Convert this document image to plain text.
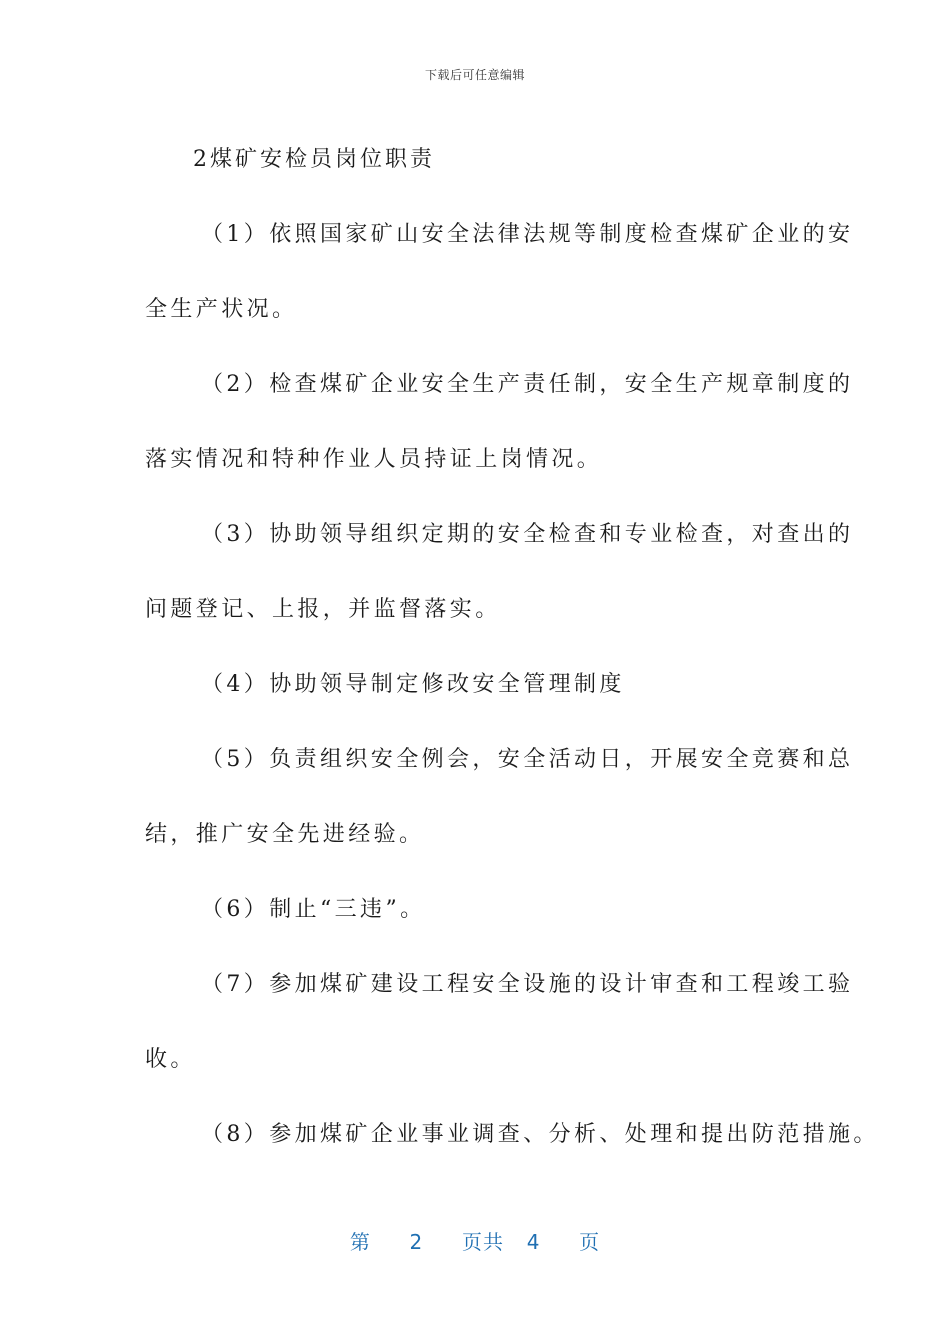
下载后可任意编辑
2煤矿安检员岗位职责
（1）依照国家矿山安全法律法规等制度检查煤矿企业的安
全生产状况。
（2）检查煤矿企业安全生产责任制，安全生产规章制度的
落实情况和特种作业人员持证上岗情况。
（3）协助领导组织定期的安全检查和专业检查，对查出的
问题登记、上报，并监督落实。
（4）协助领导制定修改安全管理制度
（5）负责组织安全例会，安全活动日，开展安全竞赛和总
结，推广安全先进经验。
（6）制止“三违”。
（7）参加煤矿建设工程安全设施的设计审查和工程竣工验
收。
（8）参加煤矿企业事业调查、分析、处理和提出防范措施。
第 2 页共 4 页
